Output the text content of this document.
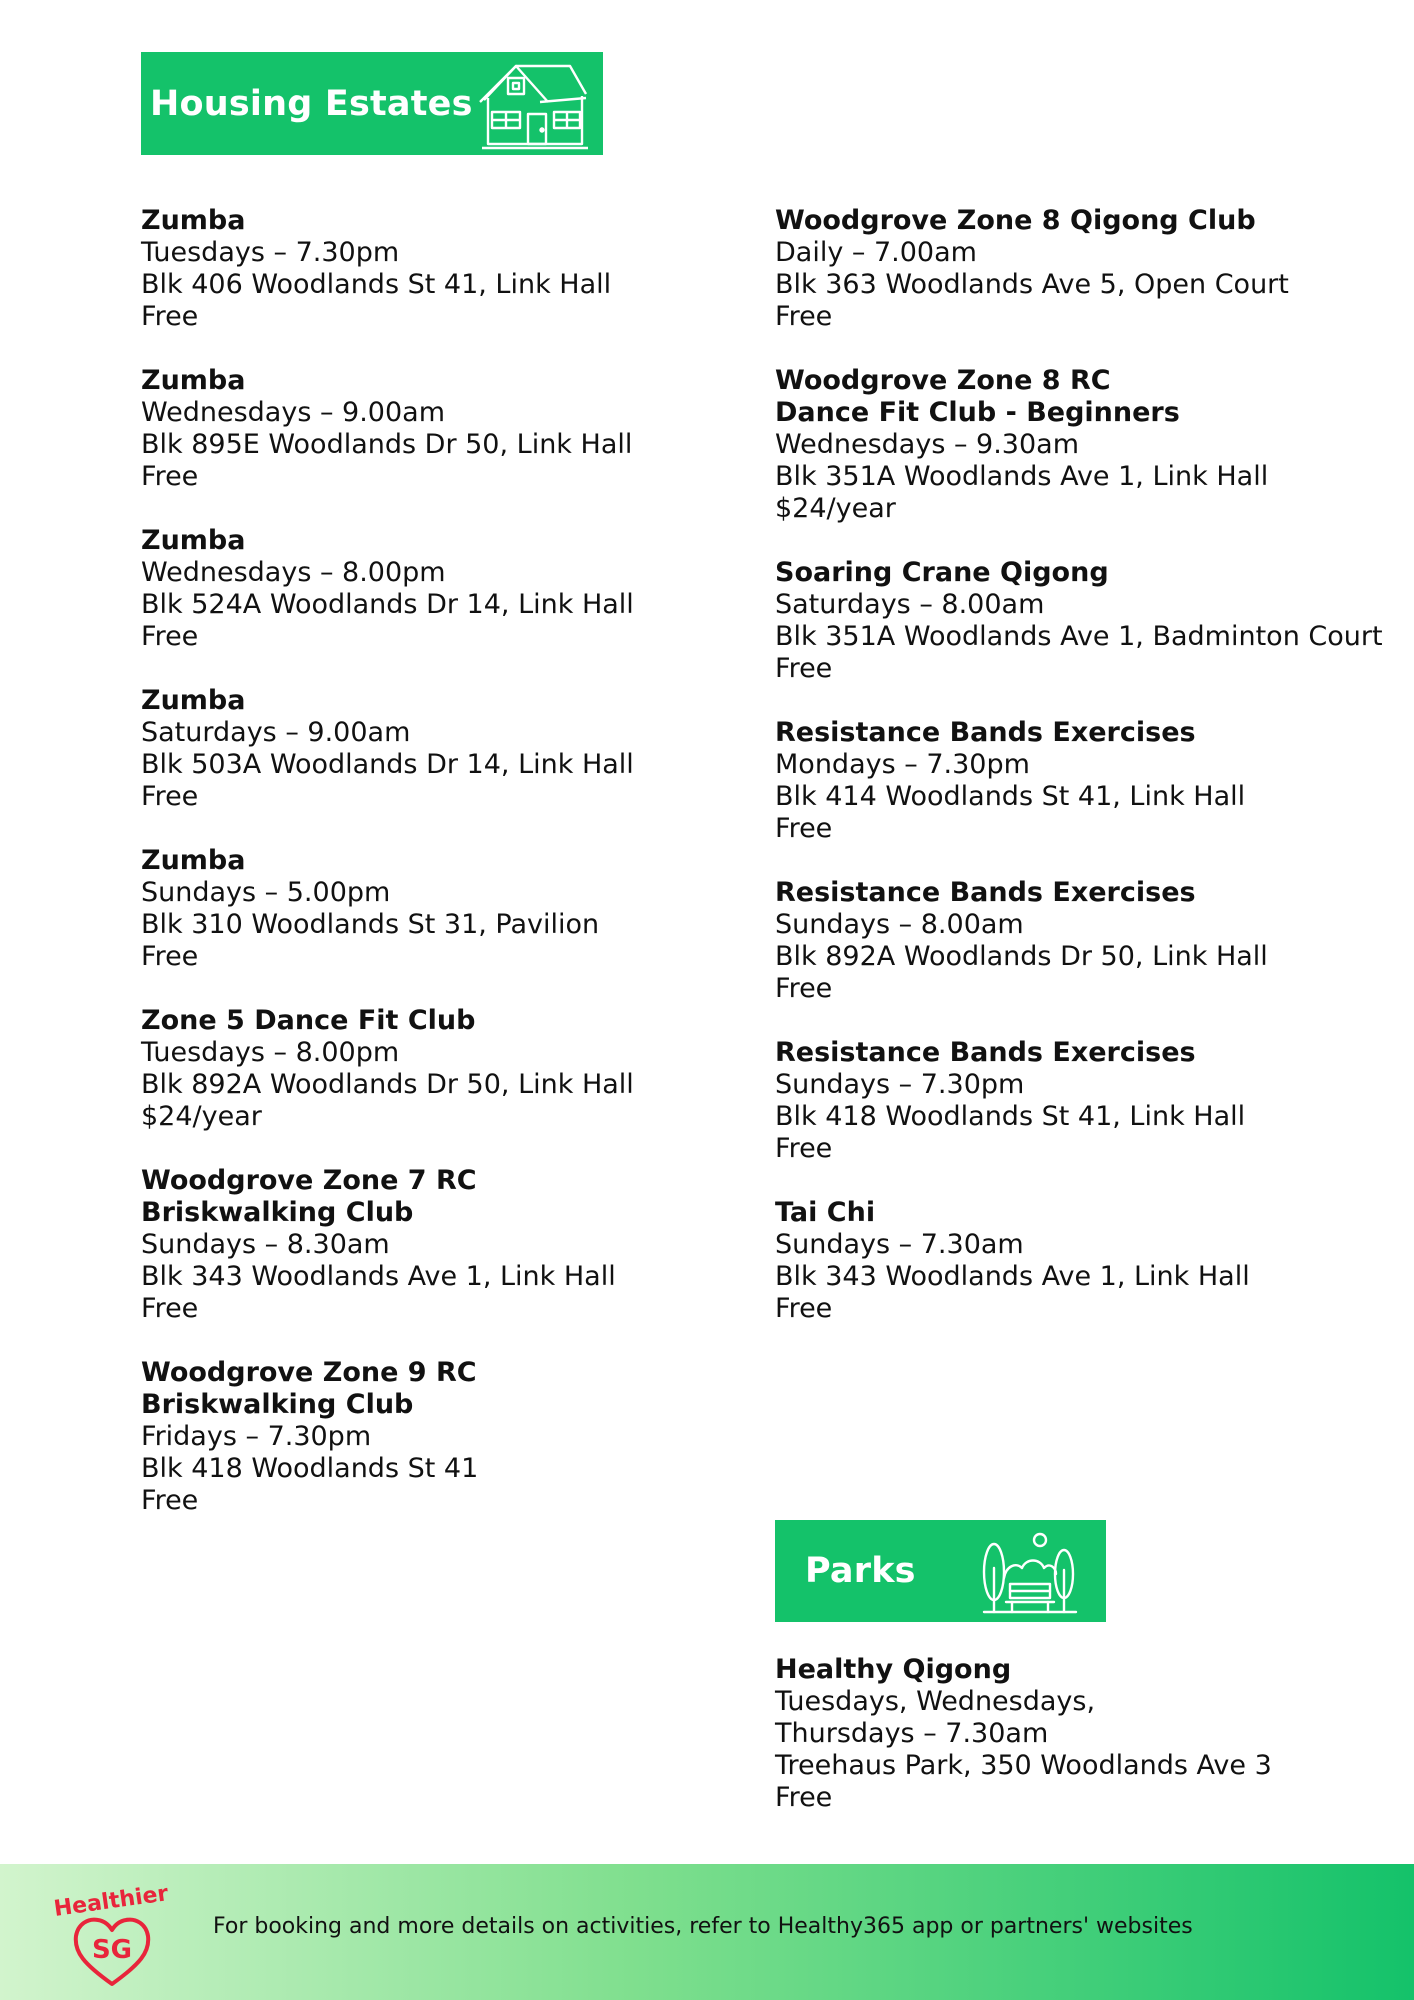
Housing Estates
Zumba
Tuesdays – 7.30pm
Blk 406 Woodlands St 41, Link Hall
Free
Zumba
Wednesdays – 9.00am
Blk 895E Woodlands Dr 50, Link Hall
Free
Zumba
Wednesdays – 8.00pm
Blk 524A Woodlands Dr 14, Link Hall
Free
Zumba
Saturdays – 9.00am
Blk 503A Woodlands Dr 14, Link Hall
Free
Zumba
Sundays – 5.00pm
Blk 310 Woodlands St 31, Pavilion
Free
Zone 5 Dance Fit Club
Tuesdays – 8.00pm
Blk 892A Woodlands Dr 50, Link Hall
$24/year
Woodgrove Zone 7 RC
Briskwalking Club
Sundays – 8.30am
Blk 343 Woodlands Ave 1, Link Hall
Free
Woodgrove Zone 9 RC
Briskwalking Club
Fridays – 7.30pm
Blk 418 Woodlands St 41
Free
Woodgrove Zone 8 Qigong Club
Daily – 7.00am
Blk 363 Woodlands Ave 5, Open Court
Free
Woodgrove Zone 8 RC
Dance Fit Club - Beginners
Wednesdays – 9.30am
Blk 351A Woodlands Ave 1, Link Hall
$24/year
Soaring Crane Qigong
Saturdays – 8.00am
Blk 351A Woodlands Ave 1, Badminton Court
Free
Resistance Bands Exercises
Mondays – 7.30pm
Blk 414 Woodlands St 41, Link Hall
Free
Resistance Bands Exercises
Sundays – 8.00am
Blk 892A Woodlands Dr 50, Link Hall
Free
Resistance Bands Exercises
Sundays – 7.30pm
Blk 418 Woodlands St 41, Link Hall
Free
Tai Chi
Sundays – 7.30am
Blk 343 Woodlands Ave 1, Link Hall
Free
Parks
Healthy Qigong
Tuesdays, Wednesdays,
Thursdays – 7.30am
Treehaus Park, 350 Woodlands Ave 3
Free
SG
Healthier
For booking and more details on activities, refer to Healthy365 app or partners' websites
